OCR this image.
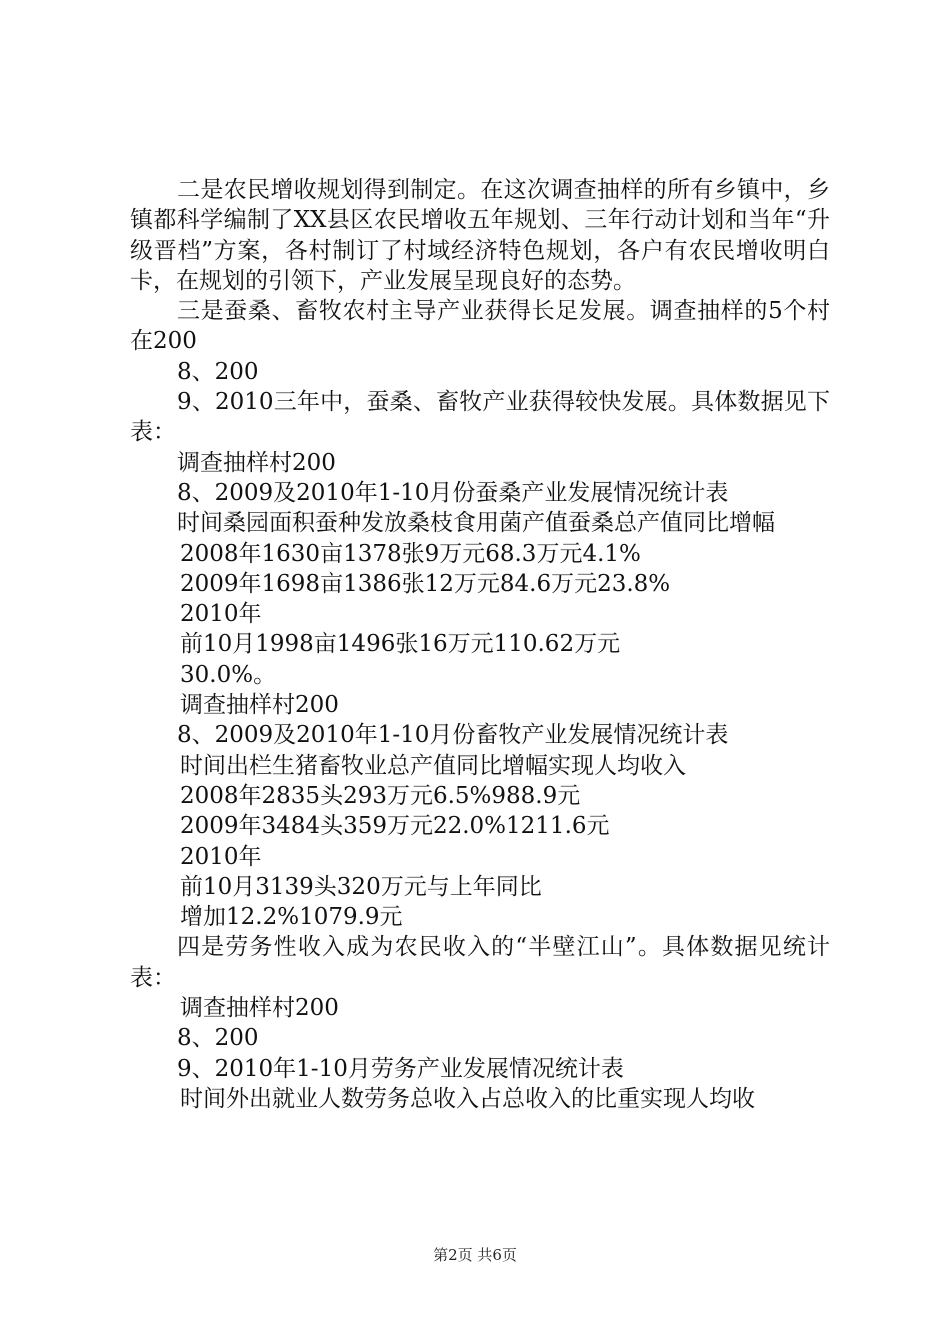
二是农民增收规划得到制定。在这次调查抽样的所有乡镇中，乡镇都科学编制了XX县区农民增收五年规划、三年行动计划和当年“升级晋档”方案，各村制订了村域经济特色规划，各户有农民增收明白卡，在规划的引领下，产业发展呈现良好的态势。

三是蚕桑、畜牧农村主导产业获得长足发展。调查抽样的5个村在200

8、200

9、2010三年中，蚕桑、畜牧产业获得较快发展。具体数据见下表：

调查抽样村200

8、2009及2010年1-10月份蚕桑产业发展情况统计表

时间桑园面积蚕种发放桑枝食用菌产值蚕桑总产值同比增幅

2008年1630亩1378张9万元68.3万元4.1%

2009年1698亩1386张12万元84.6万元23.8%

2010年

前10月1998亩1496张16万元110.62万元

30.0%。

调查抽样村200

8、2009及2010年1-10月份畜牧产业发展情况统计表

时间出栏生猪畜牧业总产值同比增幅实现人均收入

2008年2835头293万元6.5%988.9元

2009年3484头359万元22.0%1211.6元

2010年

前10月3139头320万元与上年同比

增加12.2%1079.9元

四是劳务性收入成为农民收入的“半壁江山”。具体数据见统计表：

调查抽样村200

8、200

9、2010年1-10月劳务产业发展情况统计表

时间外出就业人数劳务总收入占总收入的比重实现人均收

第2页 共6页
